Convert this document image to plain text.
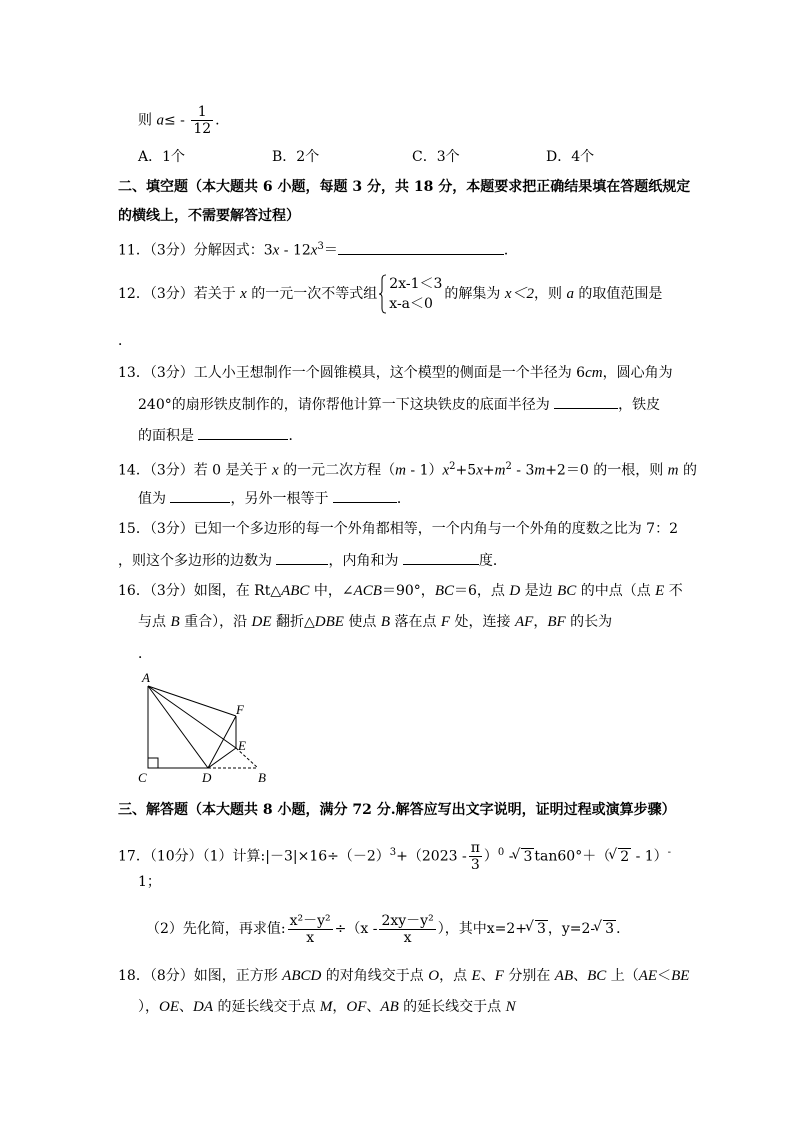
则 $a\le - \frac{1}{12}$ .
A．1个	B．2个	C．3个	D．4个
二、填空题（本大题共 6 小题，每题 3 分，共 18 分，本题要求把正确结果填在答题纸规定
的横线上，不需要解答过程）
11．（3分）分解因式：$3x - 12x^3=$	．
12．（3分）若关于 x 的一元一次不等式组
2x-1＜3
x-a＜0
的解集为 x＜2，则 a 的取值范围是
．
13．（3分）工人小王想制作一个圆锥模具，这个模型的侧面是一个半径为 6cm，圆心角为
240°的扇形铁皮制作的，请你帮他计算一下这块铁皮的底面半径为	，铁皮
的面积是	．
14．（3分）若 0 是关于 x 的一元二次方程$(m - 1)x^2+5x+m^2 - 3m+2=0$ 的一根，则 m 的
值为	，另外一根等于	．
15．（3分）已知一个多边形的每一个外角都相等，一个内角与一个外角的度数之比为 7：2
，则这个多边形的边数为	，内角和为	度．
16．（3分）如图，在 Rt△ABC 中，∠ACB＝90°，BC＝6，点 D 是边 BC 的中点（点 E 不
与点 B 重合），沿 DE 翻折△DBE 使点 B 落在点 F 处，连接 AF，BF 的长为
．
A
F
E
C	D	B
三、解答题（本大题共 8 小题，满分 72 分.解答应写出文字说明，证明过程或演算步骤）
17．（10分）（1）计算$:|-3|\times 16\div(-2)^3+(2023 - \frac{\pi}{3} )^0$ - √ 3 tan60°＋（ √ 2 - 1）-
1；
（2）先化简，再求值: $\frac{\text{x²－y²}}{x} \div(x - \frac{\text{2xy－y²}}{x}$ ），其中x=2+ √ 3 ，y=2- √ 3 ．
18．（8分）如图，正方形 ABCD 的对角线交于点 O，点 E、F 分别在 AB、BC 上（AE＜BE
），OE、DA 的延长线交于点 M，OF、AB 的延长线交于点 N
